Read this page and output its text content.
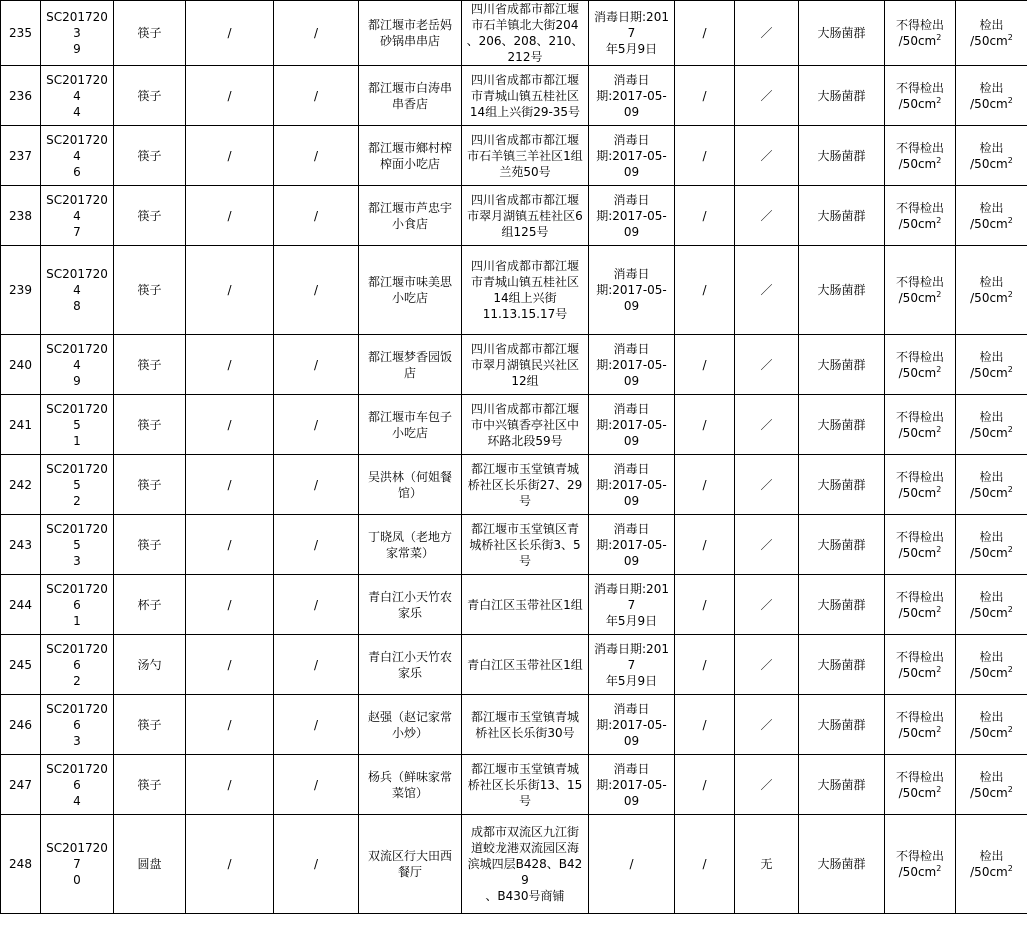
235	SC2017203
9	筷子	/	/	都江堰市老岳妈
砂锅串串店	四川省成都市都江堰
市石羊镇北大街204
、206、208、210、
212号	消毒日期:2017
年5月9日	/	／	大肠菌群	不得检出
$/50cm^2$	检出
$/50cm^2$
236	SC2017204
4	筷子	/	/	都江堰市白涛串
串香店	四川省成都市都江堰
市青城山镇五桂社区
14组上兴街29-35号	消毒日
期:2017-05-
09	/	／	大肠菌群	不得检出
$/50cm^2$	检出
$/50cm^2$
237	SC2017204
6	筷子	/	/	都江堰市鄉村榨
榨面小吃店	四川省成都市都江堰
市石羊镇三羊社区1组
兰苑50号	消毒日
期:2017-05-
09	/	／	大肠菌群	不得检出
$/50cm^2$	检出
$/50cm^2$
238	SC2017204
7	筷子	/	/	都江堰市芦忠宇
小食店	四川省成都市都江堰
市翠月湖镇五桂社区6
组125号	消毒日
期:2017-05-
09	/	／	大肠菌群	不得检出
$/50cm^2$	检出
$/50cm^2$
239	SC2017204
8	筷子	/	/	都江堰市味美思
小吃店	四川省成都市都江堰
市青城山镇五桂社区
14组上兴街
11.13.15.17号	消毒日
期:2017-05-
09	/	／	大肠菌群	不得检出
$/50cm^2$	检出
$/50cm^2$
240	SC2017204
9	筷子	/	/	都江堰梦香园饭
店	四川省成都市都江堰
市翠月湖镇民兴社区
12组	消毒日
期:2017-05-
09	/	／	大肠菌群	不得检出
$/50cm^2$	检出
$/50cm^2$
241	SC2017205
1	筷子	/	/	都江堰市车包子
小吃店	四川省成都市都江堰
市中兴镇香亭社区中
环路北段59号	消毒日
期:2017-05-
09	/	／	大肠菌群	不得检出
$/50cm^2$	检出
$/50cm^2$
242	SC2017205
2	筷子	/	/	吴洪林（何姐餐
馆）	都江堰市玉堂镇青城
桥社区长乐街27、29
号	消毒日
期:2017-05-
09	/	／	大肠菌群	不得检出
$/50cm^2$	检出
$/50cm^2$
243	SC2017205
3	筷子	/	/	丁晓凤（老地方
家常菜）	都江堰市玉堂镇区青
城桥社区长乐街3、5
号	消毒日
期:2017-05-
09	/	／	大肠菌群	不得检出
$/50cm^2$	检出
$/50cm^2$
244	SC2017206
1	杯子	/	/	青白江小天竹农
家乐	青白江区玉带社区1组	消毒日期:2017
年5月9日	/	／	大肠菌群	不得检出
$/50cm^2$	检出
$/50cm^2$
245	SC2017206
2	汤勺	/	/	青白江小天竹农
家乐	青白江区玉带社区1组	消毒日期:2017
年5月9日	/	／	大肠菌群	不得检出
$/50cm^2$	检出
$/50cm^2$
246	SC2017206
3	筷子	/	/	赵强（赵记家常
小炒）	都江堰市玉堂镇青城
桥社区长乐街30号	消毒日
期:2017-05-
09	/	／	大肠菌群	不得检出
$/50cm^2$	检出
$/50cm^2$
247	SC2017206
4	筷子	/	/	杨兵（鲜味家常
菜馆）	都江堰市玉堂镇青城
桥社区长乐街13、15
号	消毒日
期:2017-05-
09	/	／	大肠菌群	不得检出
$/50cm^2$	检出
$/50cm^2$
248	SC2017207
0	圆盘	/	/	双流区行大田西
餐厅	成都市双流区九江街
道蛟龙港双流园区海
滨城四层B428、B429
、B430号商铺	/	/	无	大肠菌群	不得检出
$/50cm^2$	检出
$/50cm^2$
